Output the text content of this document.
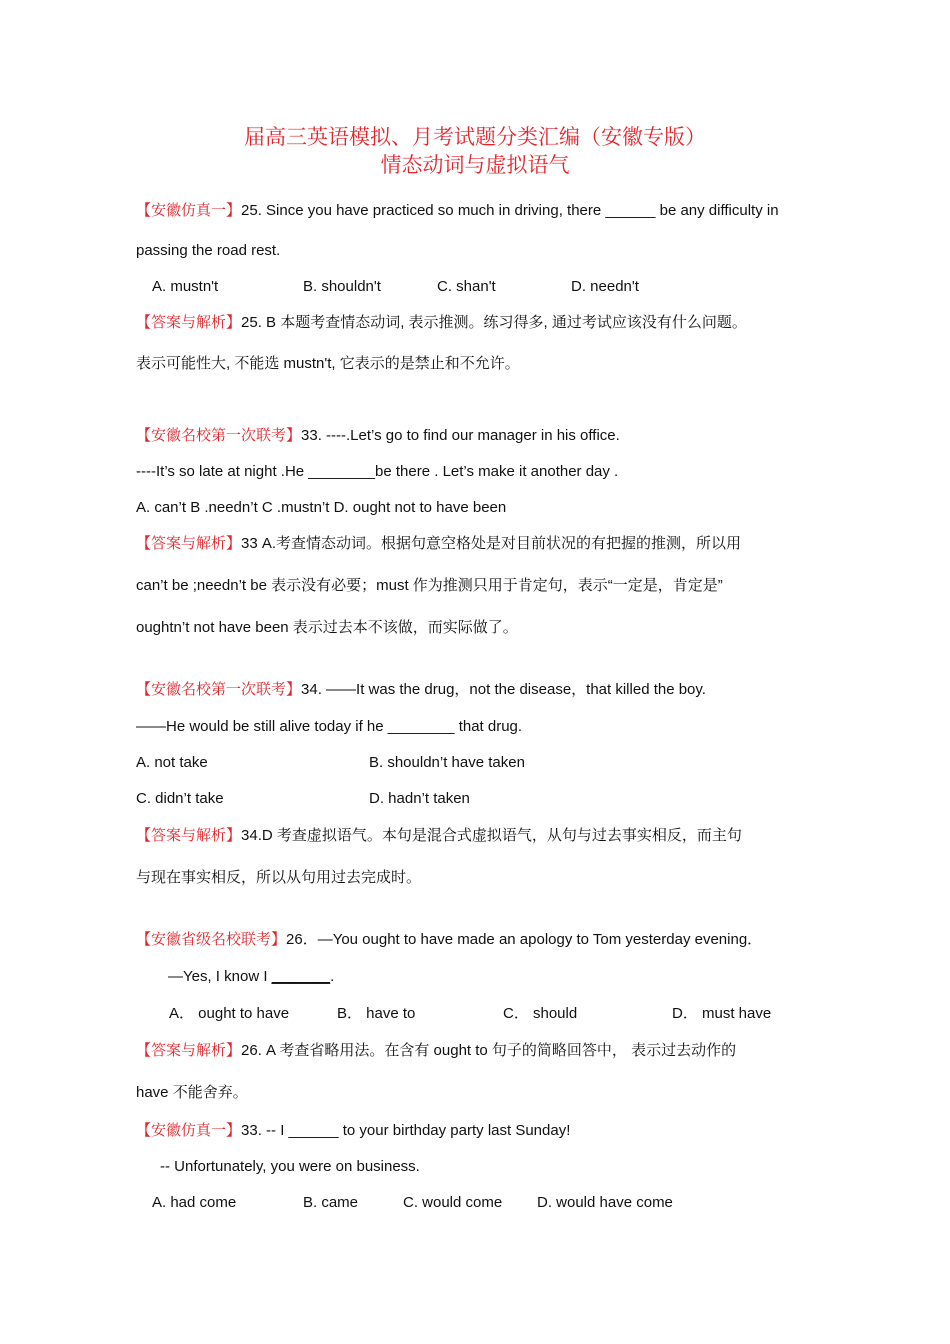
届高三英语模拟、月考试题分类汇编（安徽专版）
情态动词与虚拟语气
【安徽仿真一】25. Since you have practiced so much in driving, there ______ be any difficulty in
passing the road rest.
A. mustn't	B. shouldn't	C. shan't	D. needn't
【答案与解析】25. B 本题考查情态动词, 表示推测。练习得多, 通过考试应该没有什么问题。
表示可能性大, 不能选 mustn't, 它表示的是禁止和不允许。
【安徽名校第一次联考】33. ----.Let’s go to find our manager in his office.
----It’s so late at night .He ________be there . Let’s make it another day .
A. can’t B .needn’t C .mustn’t D. ought not to have been
【答案与解析】33 A.考查情态动词。根据句意空格处是对目前状况的有把握的推测，所以用
can’t be ;needn’t be 表示没有必要；must 作为推测只用于肯定句，表示“一定是，肯定是”
oughtn’t not have been 表示过去本不该做，而实际做了。
【安徽名校第一次联考】34. ——It was the drug，not the disease，that killed the boy.
——He would be still alive today if he ________ that drug.
A. not take	B. shouldn’t have taken
C. didn’t take	D. hadn’t taken
【答案与解析】34.D 考查虚拟语气。本句是混合式虚拟语气，从句与过去事实相反，而主句
与现在事实相反，所以从句用过去完成时。
【安徽省级名校联考】26．—You ought to have made an apology to Tom yesterday evening．
—Yes, I know I _______.
A． ought to have	B． have to	C． should	D． must have
【答案与解析】26. A 考查省略用法。在含有 ought to 句子的简略回答中， 表示过去动作的
have 不能舍弃。
【安徽仿真一】33. -- I ______ to your birthday party last Sunday!
-- Unfortunately, you were on business.
A. had come	B. came	C. would come D. would have come
